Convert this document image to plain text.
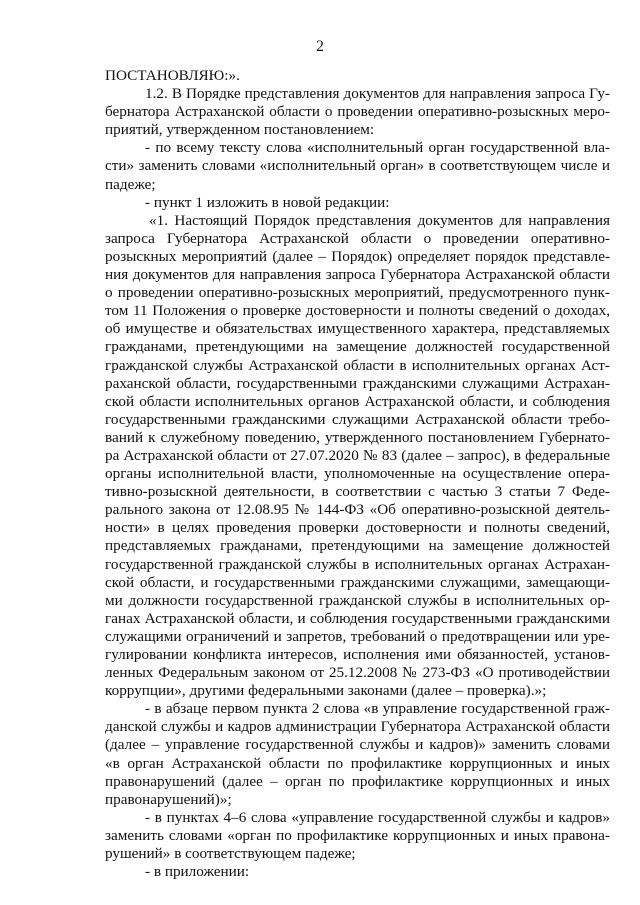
2
ПОСТАНОВЛЯЮ:».
1.2. В Порядке представления документов для направления запроса Гу-
бернатора Астраханской области о проведении оперативно-розыскных меро-
приятий, утвержденном постановлением:
- по всему тексту слова «исполнительный орган государственной вла-
сти» заменить словами «исполнительный орган» в соответствующем числе и
падеже;
- пункт 1 изложить в новой редакции:
«1. Настоящий Порядок представления документов для направления
запроса Губернатора Астраханской области о проведении оперативно-
розыскных мероприятий (далее – Порядок) определяет порядок представле-
ния документов для направления запроса Губернатора Астраханской области
о проведении оперативно-розыскных мероприятий, предусмотренного пунк-
том 11 Положения о проверке достоверности и полноты сведений о доходах,
об имуществе и обязательствах имущественного характера, представляемых
гражданами, претендующими на замещение должностей государственной
гражданской службы Астраханской области в исполнительных органах Аст-
раханской области, государственными гражданскими служащими Астрахан-
ской области исполнительных органов Астраханской области, и соблюдения
государственными гражданскими служащими Астраханской области требо-
ваний к служебному поведению, утвержденного постановлением Губернато-
ра Астраханской области от 27.07.2020 № 83 (далее – запрос), в федеральные
органы исполнительной власти, уполномоченные на осуществление опера-
тивно-розыскной деятельности, в соответствии с частью 3 статьи 7 Феде-
рального закона от 12.08.95 № 144-ФЗ «Об оперативно-розыскной деятель-
ности» в целях проведения проверки достоверности и полноты сведений,
представляемых гражданами, претендующими на замещение должностей
государственной гражданской службы в исполнительных органах Астрахан-
ской области, и государственными гражданскими служащими, замещающи-
ми должности государственной гражданской службы в исполнительных ор-
ганах Астраханской области, и соблюдения государственными гражданскими
служащими ограничений и запретов, требований о предотвращении или уре-
гулировании конфликта интересов, исполнения ими обязанностей, установ-
ленных Федеральным законом от 25.12.2008 № 273-ФЗ «О противодействии
коррупции», другими федеральными законами (далее – проверка).»;
- в абзаце первом пункта 2 слова «в управление государственной граж-
данской службы и кадров администрации Губернатора Астраханской области
(далее – управление государственной службы и кадров)» заменить словами
«в орган Астраханской области по профилактике коррупционных и иных
правонарушений (далее – орган по профилактике коррупционных и иных
правонарушений)»;
- в пунктах 4–6 слова «управление государственной службы и кадров»
заменить словами «орган по профилактике коррупционных и иных правона-
рушений» в соответствующем падеже;
- в приложении:
